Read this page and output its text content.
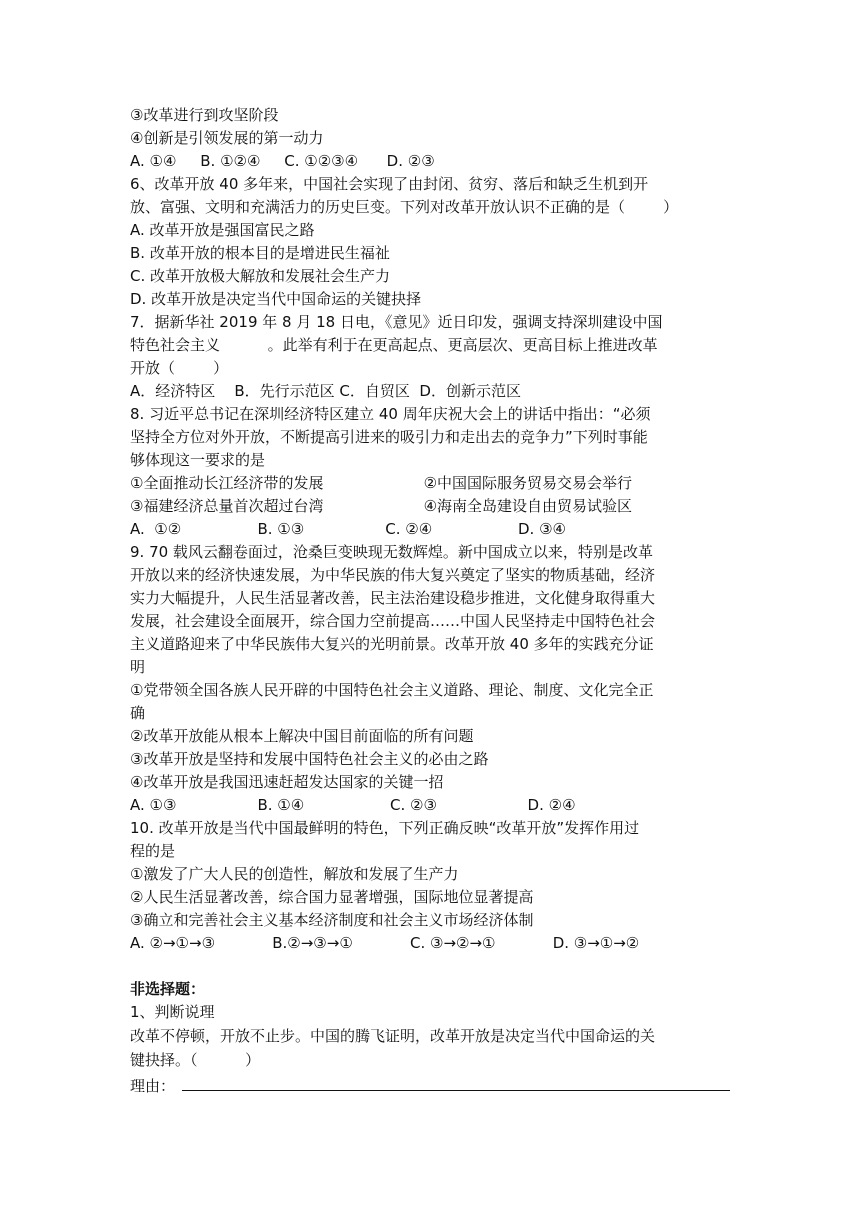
③改革进行到攻坚阶段
④创新是引领发展的第一动力
A. ①④     B. ①②④     C. ①②③④      D. ②③
6、改革开放 40 多年来，中国社会实现了由封闭、贫穷、落后和缺乏生机到开
放、富强、文明和充满活力的历史巨变。下列对改革开放认识不正确的是（        ）
A. 改革开放是强国富民之路
B. 改革开放的根本目的是增进民生福祉
C. 改革开放极大解放和发展社会生产力
D. 改革开放是决定当代中国命运的关键抉择
7．据新华社 2019 年 8 月 18 日电，《意见》近日印发，强调支持深圳建设中国
特色社会主义          。此举有利于在更高起点、更高层次、更高目标上推进改革
开放（        ）
A．经济特区    B．先行示范区 C．自贸区  D．创新示范区
8. 习近平总书记在深圳经济特区建立 40 周年庆祝大会上的讲话中指出：“必须
坚持全方位对外开放，不断提高引进来的吸引力和走出去的竞争力”下列时事能
够体现这一要求的是
①全面推动长江经济带的发展                     ②中国国际服务贸易交易会举行
③福建经济总量首次超过台湾                     ④海南全岛建设自由贸易试验区
A.  ①②                B. ①③                 C. ②④                  D. ③④
9. 70 载风云翻卷面过，沧桑巨变映现无数辉煌。新中国成立以来，特别是改革
开放以来的经济快速发展，为中华民族的伟大复兴奠定了坚实的物质基础，经济
实力大幅提升，人民生活显著改善，民主法治建设稳步推进，文化健身取得重大
发展，社会建设全面展开，综合国力空前提高……中国人民坚持走中国特色社会
主义道路迎来了中华民族伟大复兴的光明前景。改革开放 40 多年的实践充分证
明
①党带领全国各族人民开辟的中国特色社会主义道路、理论、制度、文化完全正
确
②改革开放能从根本上解决中国目前面临的所有问题
③改革开放是坚持和发展中国特色社会主义的必由之路
④改革开放是我国迅速赶超发达国家的关键一招
A. ①③                 B. ①④                  C. ②③                   D. ②④
10. 改革开放是当代中国最鲜明的特色，下列正确反映“改革开放”发挥作用过
程的是
①激发了广大人民的创造性，解放和发展了生产力
②人民生活显著改善，综合国力显著增强，国际地位显著提高
③确立和完善社会主义基本经济制度和社会主义市场经济体制
A. ②→①→③            B.②→③→①            C. ③→②→①            D. ③→①→②
非选择题：
1、判断说理
改革不停顿，开放不止步。中国的腾飞证明，改革开放是决定当代中国命运的关
键抉择。（          ）
理由：
